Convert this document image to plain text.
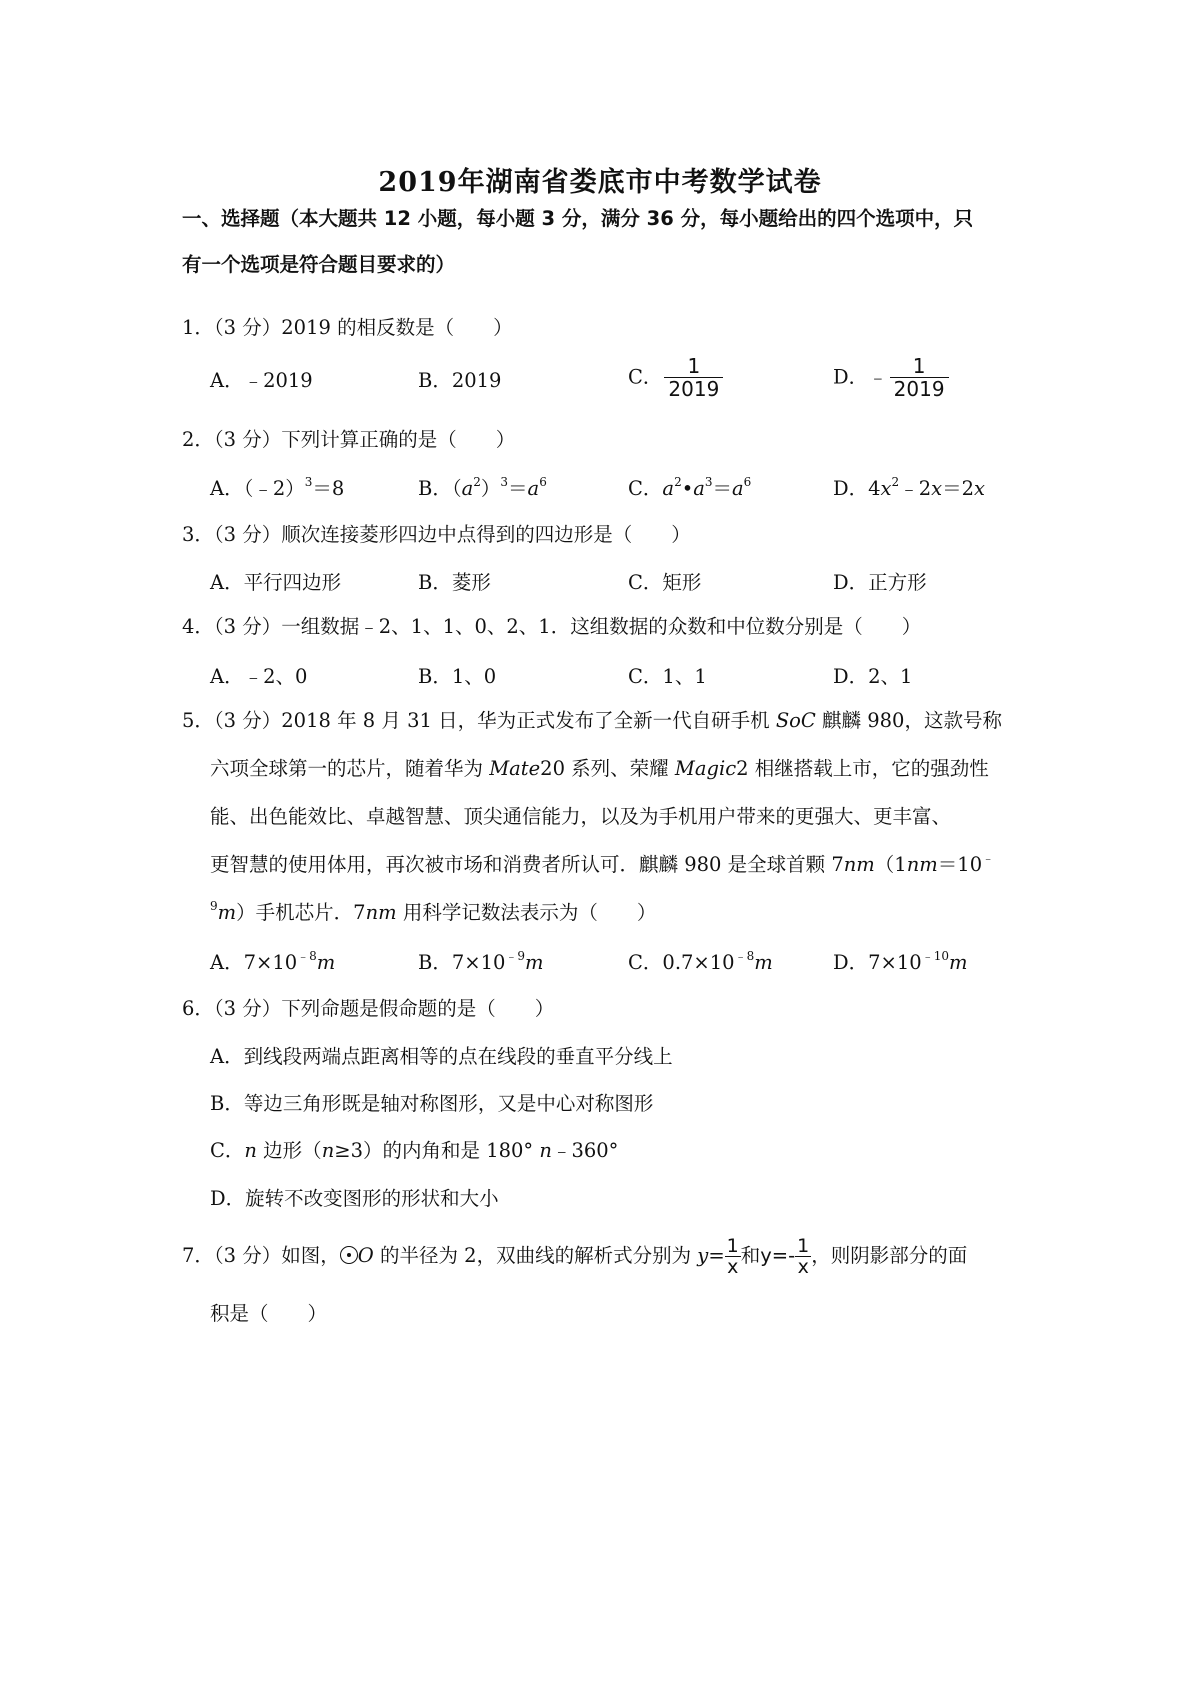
2019年湖南省娄底市中考数学试卷
一、选择题（本大题共 12 小题，每小题 3 分，满分 36 分，每小题给出的四个选项中，只
有一个选项是符合题目要求的）
1．（3 分）2019 的相反数是（　　）
A．﹣2019	B．2019	C． $\frac{1}{2019}$	D．﹣ $\frac{1}{2019}$
2．（3 分）下列计算正确的是（　　）
A．（﹣2）$^3$＝8	B．$(a^2)^3=a^6$	C．$a^2•a^3=a^6$	D．$4x^2﹣2x=2x$
3．（3 分）顺次连接菱形四边中点得到的四边形是（　　）
A．平行四边形	B．菱形	C．矩形	D．正方形
4．（3 分）一组数据﹣2、1、1、0、2、1．这组数据的众数和中位数分别是（　　）
A．﹣2、0	B．1、0	C．1、1	D．2、1
5．（3 分）2018 年 8 月 31 日，华为正式发布了全新一代自研手机 SoC 麒麟 980，这款号称
六项全球第一的芯片，随着华为 Mate20 系列、荣耀 Magic2 相继搭载上市，它的强劲性
能、出色能效比、卓越智慧、顶尖通信能力，以及为手机用户带来的更强大、更丰富、
更智慧的使用体用，再次被市场和消费者所认可．麒麟 980 是全球首颗 7nm（1nm＝10﹣
$^9$m）手机芯片．7nm 用科学记数法表示为（　　）
A．$7\times 10^{﹣8}m$	B．$7\times 10^{﹣9}m$	C．$0.7\times 10^{﹣8}m$	D．$7\times 10^{﹣10}m$
6．（3 分）下列命题是假命题的是（　　）
A．到线段两端点距离相等的点在线段的垂直平分线上
B．等边三角形既是轴对称图形，又是中心对称图形
C．n 边形（n≥3）的内角和是 180° n﹣360°
D．旋转不改变图形的形状和大小
7．（3 分）如图， O 的半径为 2，双曲线的解析式分别为 $y= \frac{1}{x}$ 和$y=- \frac{1}{x}$ ，则阴影部分的面
积是（　　）
